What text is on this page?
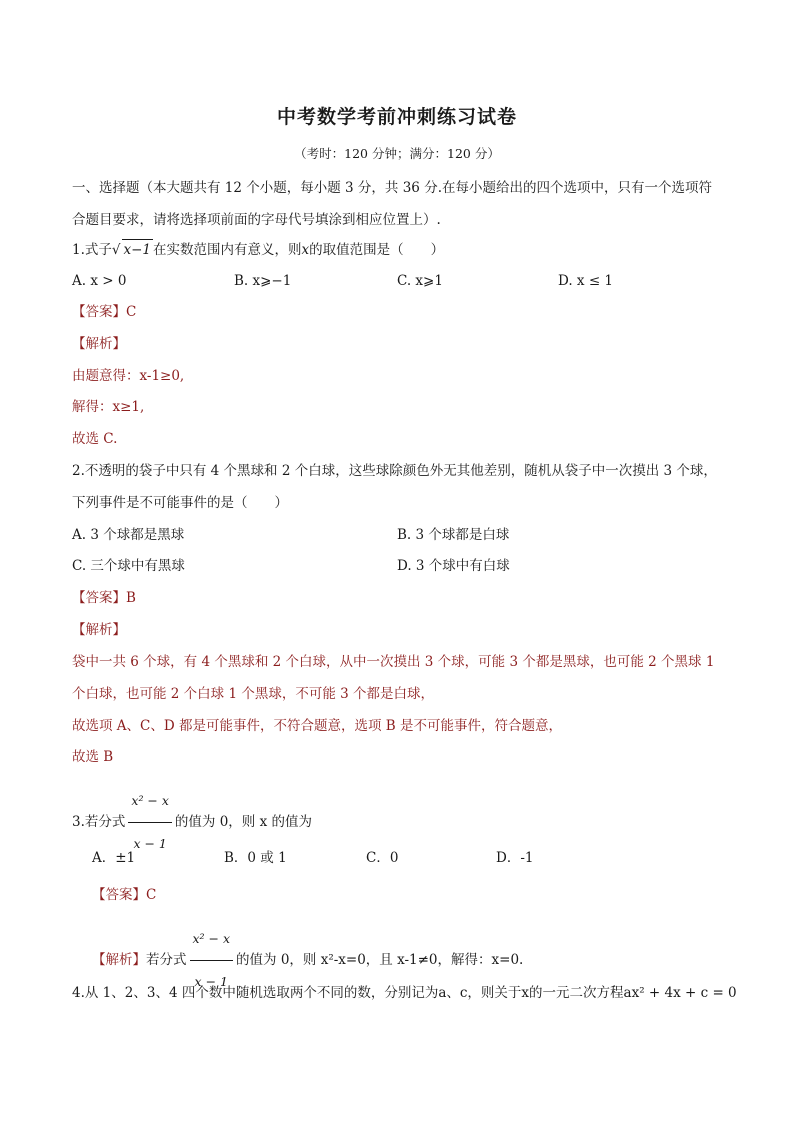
中考数学考前冲刺练习试卷
（考时：120 分钟；满分：120 分）
一、选择题（本大题共有 12 个小题，每小题 3 分，共 36 分.在每小题给出的四个选项中，只有一个选项符
合题目要求，请将选择项前面的字母代号填涂到相应位置上）.
1.式子√ x−1 在实数范围内有意义，则x的取值范围是（　　）
A. x > 0	B. x⩾−1	C. x⩾1	D. x ≤ 1
【答案】C
【解析】
由题意得：x-1≥0,
解得：x≥1,
故选 C.
2.不透明的袋子中只有 4 个黑球和 2 个白球，这些球除颜色外无其他差别，随机从袋子中一次摸出 3 个球，
下列事件是不可能事件的是（　　）
A. 3 个球都是黑球	B. 3 个球都是白球
C. 三个球中有黑球	D. 3 个球中有白球
【答案】B
【解析】
袋中一共 6 个球，有 4 个黑球和 2 个白球，从中一次摸出 3 个球，可能 3 个都是黑球，也可能 2 个黑球 1
个白球，也可能 2 个白球 1 个黑球，不可能 3 个都是白球，
故选项 A、C、D 都是可能事件，不符合题意，选项 B 是不可能事件，符合题意，
故选 B
3.若分式 $\frac{\text{x² − x}}{x - 1}$ 的值为 0，则 x 的值为
A．±1	B．0 或 1	C．0	D．-1
【答案】C
【解析】若分式 $\frac{\text{x² − x}}{x - 1}$ 的值为 0，则 x²-x=0，且 x-1≠0，解得：x=0.
4.从 1、2、3、4 四个数中随机选取两个不同的数，分别记为a、c，则关于x的一元二次方程ax² + 4x + c = 0
